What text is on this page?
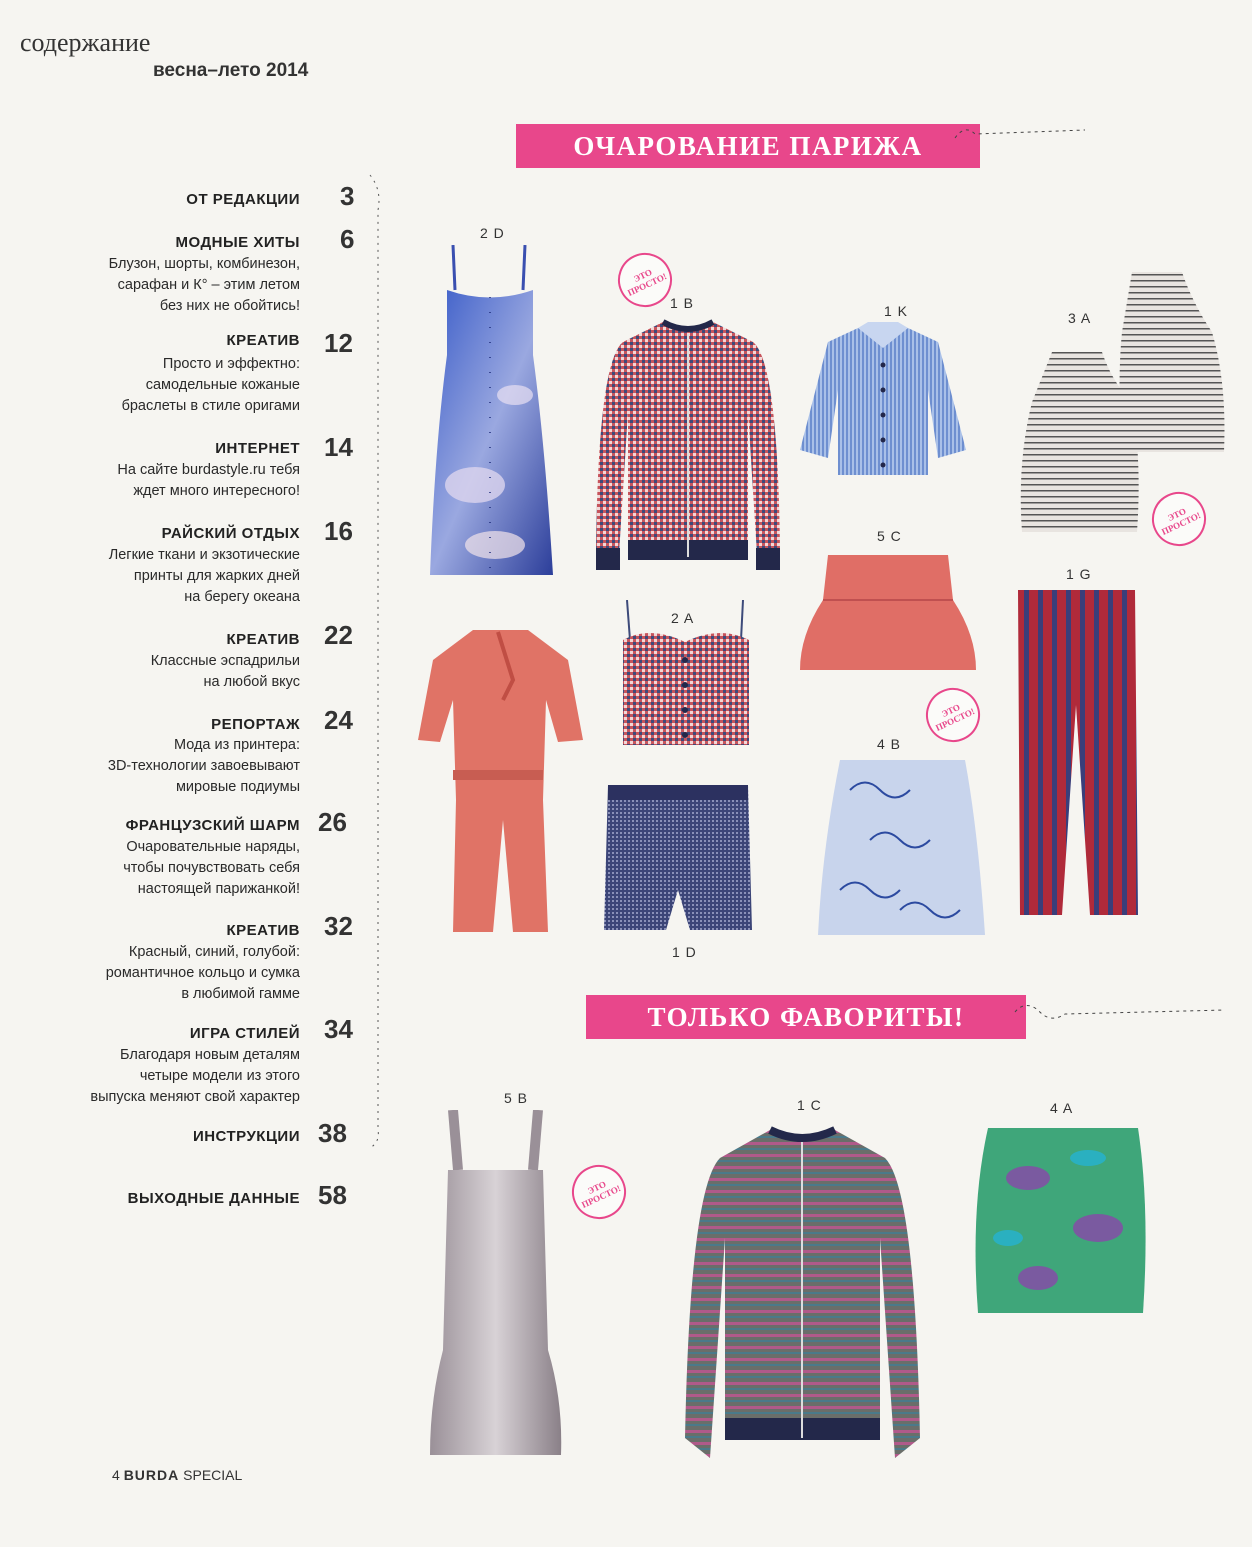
содержание
весна–лето 2014
ОТ РЕДАКЦИИ 3
МОДНЫЕ ХИТЫ 6
Блузон, шорты, комбинезон,
сарафан и К° – этим летом
без них не обойтись!
КРЕАТИВ 12
Просто и эффектно:
самодельные кожаные
браслеты в стиле оригами
ИНТЕРНЕТ 14
На сайте burdastyle.ru тебя
ждет много интересного!
РАЙСКИЙ ОТДЫХ 16
Легкие ткани и экзотические
принты для жарких дней
на берегу океана
КРЕАТИВ 22
Классные эспадрильи
на любой вкус
РЕПОРТАЖ 24
Мода из принтера:
3D-технологии завоевывают
мировые подиумы
ФРАНЦУЗСКИЙ ШАРМ 26
Очаровательные наряды,
чтобы почувствовать себя
настоящей парижанкой!
КРЕАТИВ 32
Красный, синий, голубой:
романтичное кольцо и сумка
в любимой гамме
ИГРА СТИЛЕЙ 34
Благодаря новым деталям
четыре модели из этого
выпуска меняют свой характер
ИНСТРУКЦИИ 38
ВЫХОДНЫЕ ДАННЫЕ 58
ОЧАРОВАНИЕ ПАРИЖА
ТОЛЬКО ФАВОРИТЫ!
2 D
1 B	1 K	3 A
5 C
1 G
2 A
4 B
1 D
5 B	1 C	4 A
ЭТО ПРОСТО!
ЭТО ПРОСТО!
ЭТО ПРОСТО!
ЭТО ПРОСТО!
4 BURDA SPECIAL
